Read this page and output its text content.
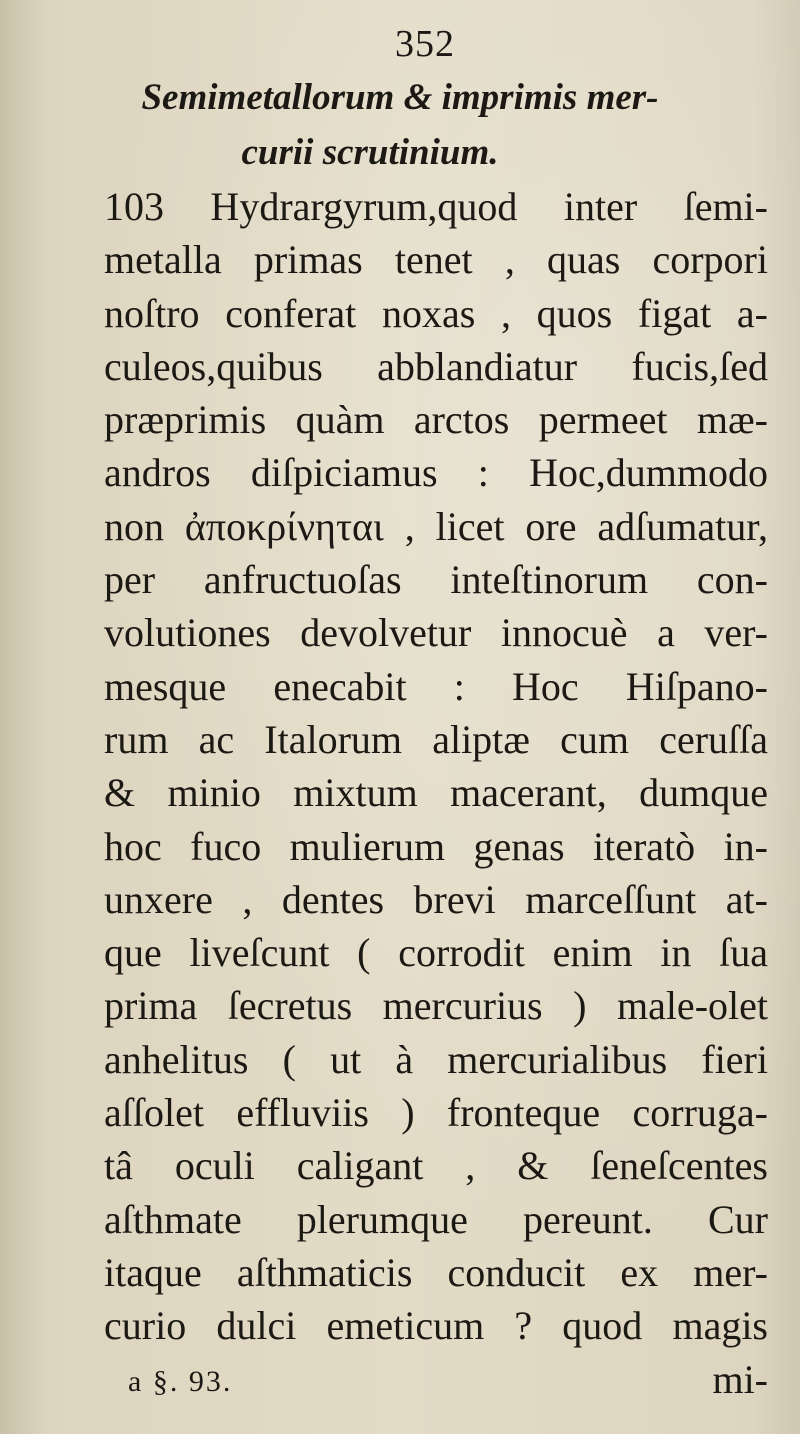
352
Semimetallorum & imprimis mer-
curii scrutinium.
103 Hydrargyrum,quod inter ſemi-
metalla primas tenet , quas corpori
noſtro conferat noxas , quos figat a-
culeos,quibus abblandiatur fucis,ſed
præprimis quàm arctos permeet mæ-
andros diſpiciamus : Hoc,dummodo
non ἀποκρίνηται , licet ore adſumatur,
per anfructuoſas inteſtinorum con-
volutiones devolvetur innocuè a ver-
mesque enecabit : Hoc Hiſpano-
rum ac Italorum aliptæ cum ceruſſa
& minio mixtum macerant, dumque
hoc fuco mulierum genas iteratò in-
unxere , dentes brevi marceſſunt at-
que liveſcunt ( corrodit enim in ſua
prima ſecretus mercurius ) male-olet
anhelitus ( ut à mercurialibus fieri
aſſolet effluviis ) fronteque corruga-
tâ oculi caligant , & ſeneſcentes
aſthmate plerumque pereunt. Cur
itaque aſthmaticis conducit ex mer-
curio dulci emeticum ? quod magis
mi-
a §. 93.
